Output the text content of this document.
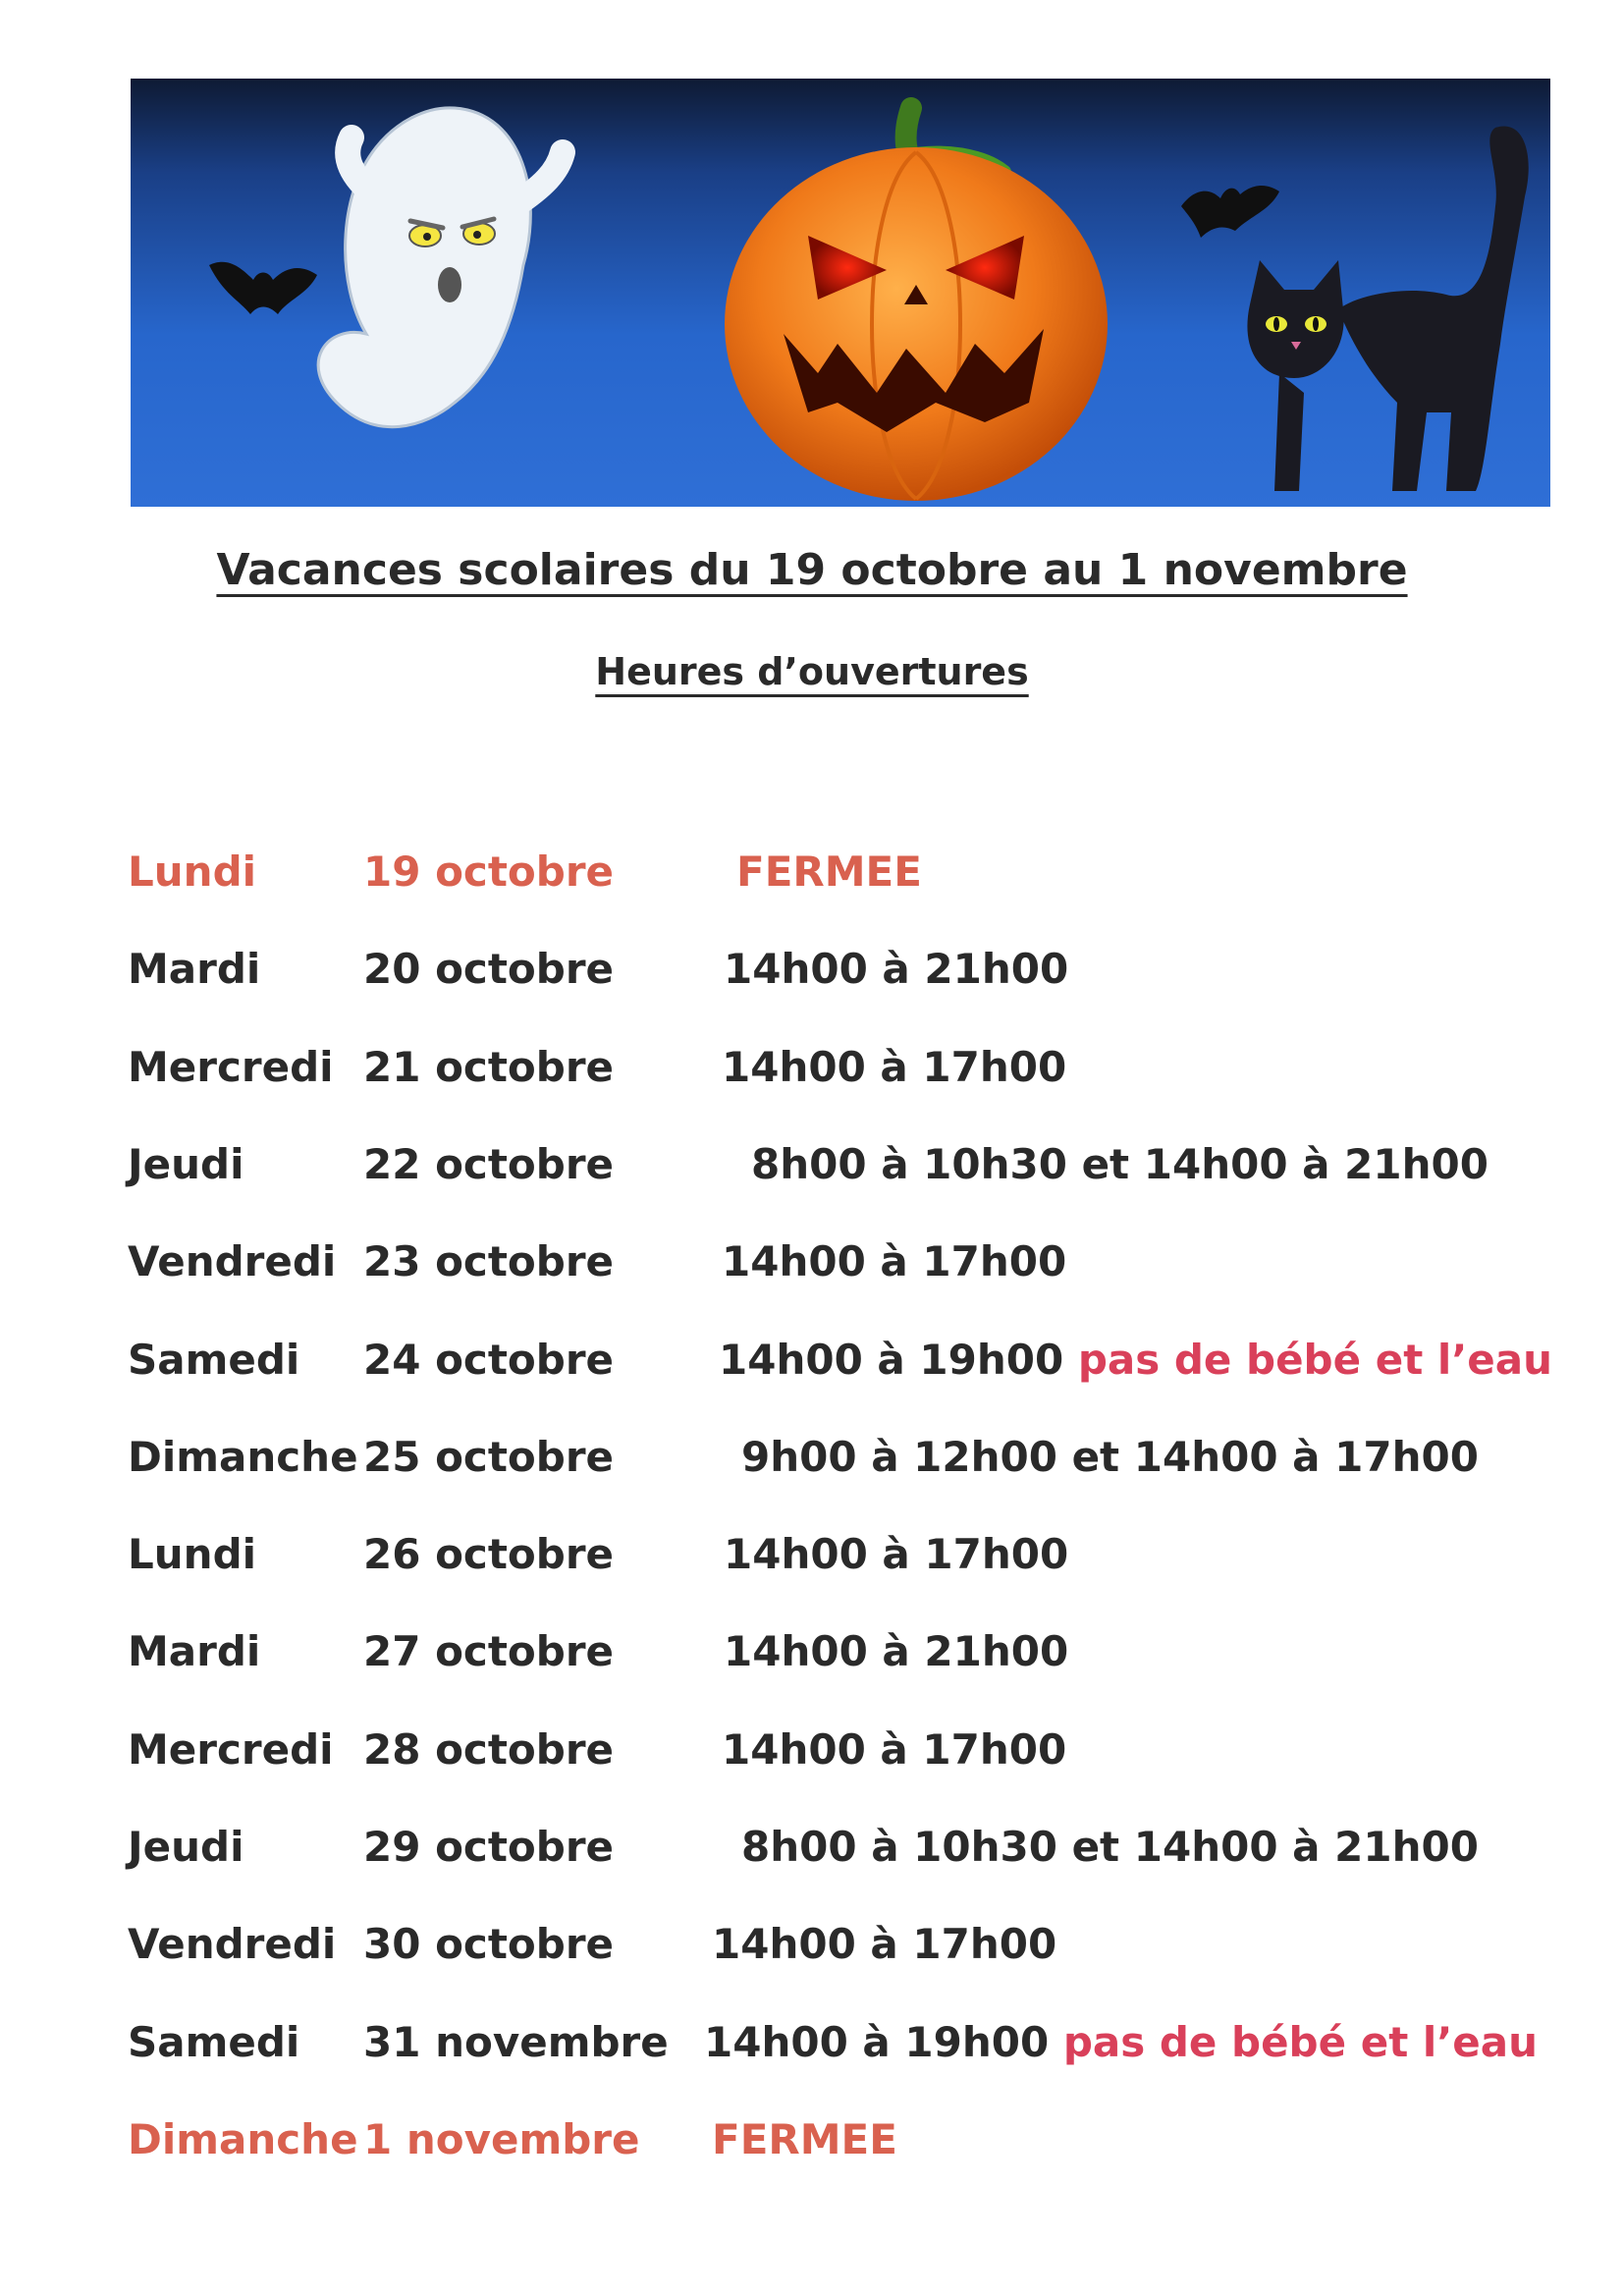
Vacances scolaires du 19 octobre au 1 novembre
Heures d’ouvertures
Lundi	19 octobre	FERMEE
Mardi 20 octobre	14h00 à 21h00
Mercredi 21 octobre	14h00 à 17h00
Jeudi	22 octobre	8h00 à 10h30 et 14h00 à 21h00
Vendredi 23 octobre	14h00 à 17h00
Samedi 24 octobre	14h00 à 19h00 pas de bébé et l’eau
Dimanche 25 octobre	9h00 à 12h00 et 14h00 à 17h00
Lundi	26 octobre	14h00 à 17h00
Mardi 27 octobre	14h00 à 21h00
Mercredi 28 octobre	14h00 à 17h00
Jeudi	29 octobre	8h00 à 10h30 et 14h00 à 21h00
Vendredi 30 octobre 14h00 à 17h00
Samedi 31 novembre 14h00 à 19h00 pas de bébé et l’eau
Dimanche 1 novembre FERMEE
